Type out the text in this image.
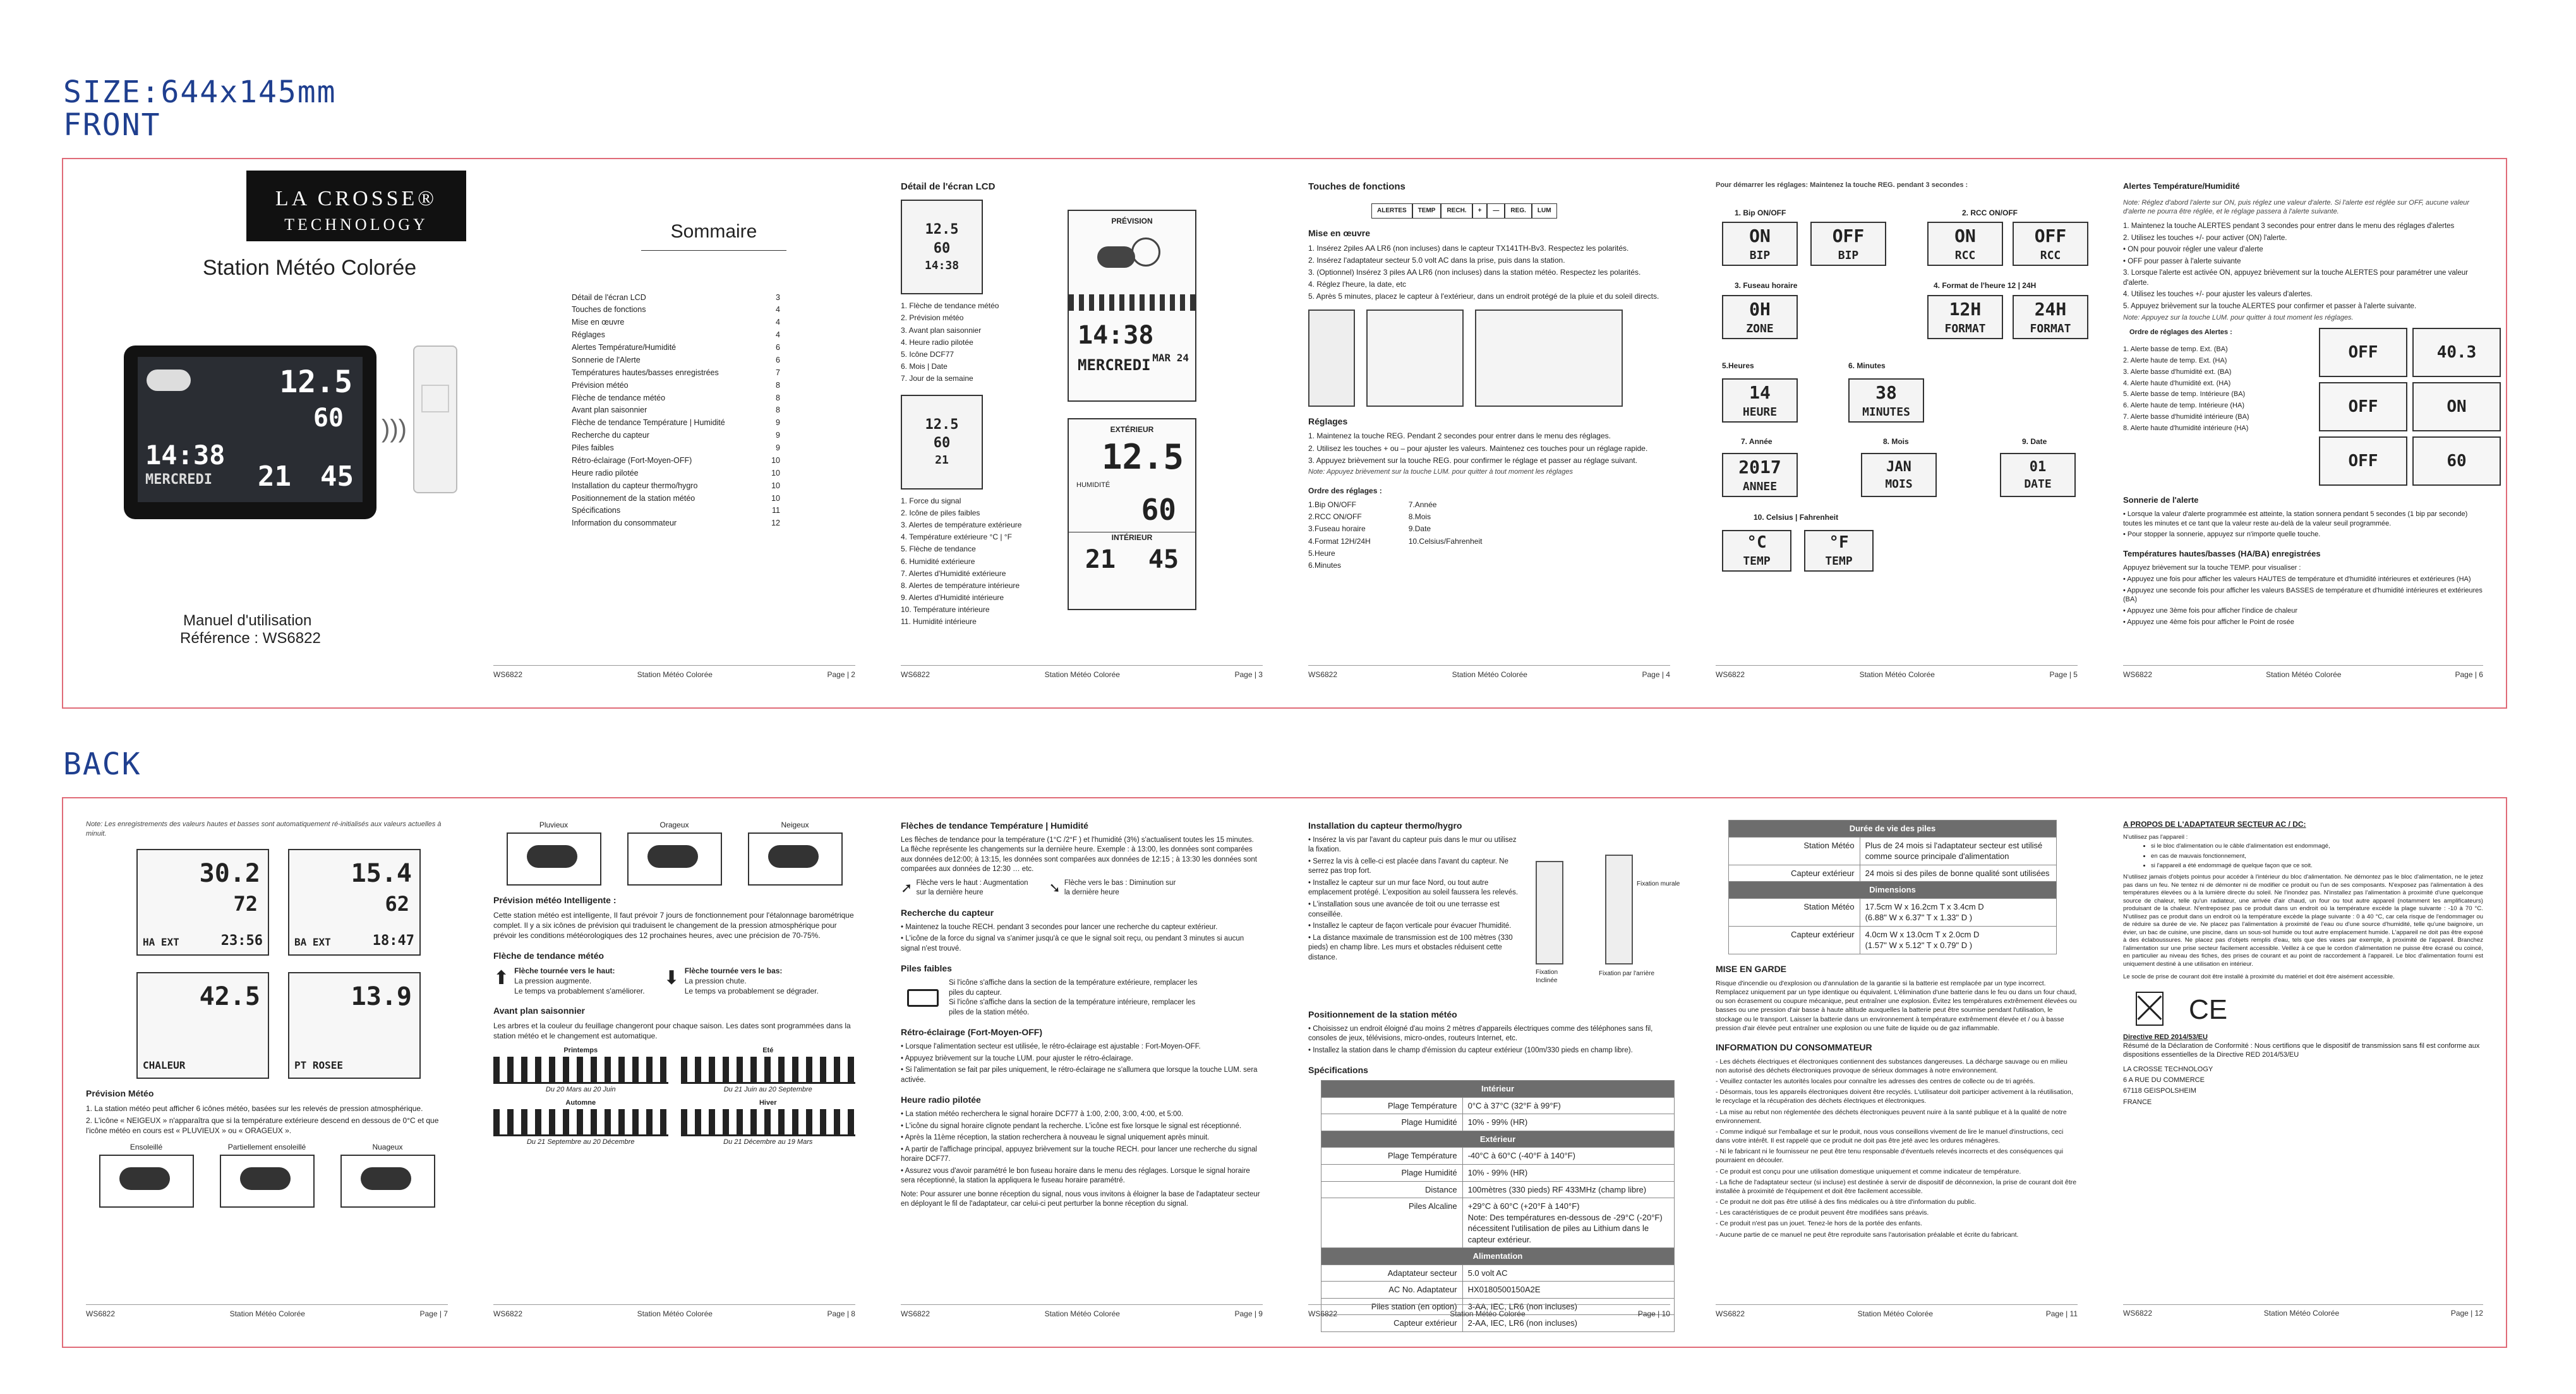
SIZE:644x145mm
FRONT
BACK
LA CROSSE®
TECHNOLOGY
Station Météo Colorée
12.5
60
14:38
MERCREDI 21 45
)))
Manuel d'utilisation
Référence : WS6822
Sommaire
Détail de l'écran LCD	3
Touches de fonctions	4
Mise en œuvre	4
Réglages	4
Alertes Température/Humidité	6
Sonnerie de l'Alerte	6
Températures hautes/basses enregistrées	7
Prévision météo	8
Flèche de tendance météo	8
Avant plan saisonnier	8
Flèche de tendance Température | Humidité	9
Recherche du capteur	9
Piles faibles	9
Rétro-éclairage (Fort-Moyen-OFF)	10
Heure radio pilotée	10
Installation du capteur thermo/hygro	10
Positionnement de la station météo	10
Spécifications	11
Information du consommateur	12
WS6822	Station Météo Colorée	Page | 2
Détail de l'écran LCD
12.5
60
14:38
1. Flèche de tendance météo
2. Prévision météo
3. Avant plan saisonnier
4. Heure radio pilotée
5. Icône DCF77
6. Mois | Date
7. Jour de la semaine
12.5
60
21
1. Force du signal
2. Icône de piles faibles
3. Alertes de température extérieure
4. Température extérieure °C | °F
5. Flèche de tendance
6. Humidité extérieure
7. Alertes d'Humidité extérieure
8. Alertes de température intérieure
9. Alertes d'Humidité intérieure
10. Température intérieure
11. Humidité intérieure
PRÉVISION
14:38
MAR 24
MERCREDI
EXTÉRIEUR
12.5
HUMIDITÉ
60
INTÉRIEUR
21 45
WS6822	Station Météo Colorée	Page | 3
Touches de fonctions
ALERTES	TEMP	RECH.	+	—	REG.	LUM
Mise en œuvre
1. Insérez 2piles AA LR6 (non incluses) dans le capteur TX141TH-Bv3. Respectez les polarités.
2. Insérez l'adaptateur secteur 5.0 volt AC dans la prise, puis dans la station.
3. (Optionnel) Insérez 3 piles AA LR6 (non incluses) dans la station météo. Respectez les polarités.
4. Réglez l'heure, la date, etc
5. Après 5 minutes, placez le capteur à l'extérieur, dans un endroit protégé de la pluie et du soleil directs.
Réglages
1. Maintenez la touche REG. Pendant 2 secondes pour entrer dans le menu des réglages.
2. Utilisez les touches + ou – pour ajuster les valeurs. Maintenez ces touches pour un réglage rapide.
3. Appuyez brièvement sur la touche REG. pour confirmer le réglage et passer au réglage suivant.
Note: Appuyez brièvement sur la touche LUM. pour quitter à tout moment les réglages
Ordre des réglages :
1.Bip ON/OFF
2.RCC ON/OFF
3.Fuseau horaire
4.Format 12H/24H
5.Heure
6.Minutes
7.Année
8.Mois
9.Date
10.Celsius/Fahrenheit
WS6822	Station Météo Colorée	Page | 4
Pour démarrer les réglages: Maintenez la touche REG. pendant 3 secondes :
1. Bip ON/OFF	2. RCC ON/OFF
ON
BIP
OFF
BIP
ON
RCC
OFF
RCC
3. Fuseau horaire	4. Format de l'heure 12 | 24H
0H
ZONE
12H
FORMAT
24H
FORMAT
5.Heures	6. Minutes
14
HEURE
38
MINUTES
7. Année	8. Mois	9. Date
2017
ANNEE
JAN
MOIS
01
DATE
10. Celsius | Fahrenheit
°C
TEMP
°F
TEMP
WS6822	Station Météo Colorée	Page | 5
Alertes Température/Humidité
Note: Réglez d'abord l'alerte sur ON, puis réglez une valeur d'alerte. Si l'alerte est réglée sur OFF, aucune valeur d'alerte ne pourra être réglée, et le réglage passera à l'alerte suivante.
1. Maintenez la touche ALERTES pendant 3 secondes pour entrer dans le menu des réglages d'alertes
2. Utilisez les touches +/- pour activer (ON) l'alerte.
• ON pour pouvoir régler une valeur d'alerte
• OFF pour passer à l'alerte suivante
3. Lorsque l'alerte est activée ON, appuyez brièvement sur la touche ALERTES pour paramétrer une valeur d'alerte.
4. Utilisez les touches +/- pour ajuster les valeurs d'alertes.
5. Appuyez brièvement sur la touche ALERTES pour confirmer et passer à l'alerte suivante.
Note: Appuyez sur la touche LUM. pour quitter à tout moment les réglages.
Ordre de réglages des Alertes :
1. Alerte basse de temp. Ext. (BA)
2. Alerte haute de temp. Ext. (HA)
3. Alerte basse d'humidité ext. (BA)
4. Alerte haute d'humidité ext. (HA)
5. Alerte basse de temp. Intérieure (BA)
6. Alerte haute de temp. Intérieure (HA)
7. Alerte basse d'humidité intérieure (BA)
8. Alerte haute d'humidité intérieure (HA)
OFF	40.3
OFF	ON
OFF	60
Sonnerie de l'alerte
• Lorsque la valeur d'alerte programmée est atteinte, la station sonnera pendant 5 secondes (1 bip par seconde) toutes les minutes et ce tant que la valeur reste au-delà de la valeur seuil programmée.
• Pour stopper la sonnerie, appuyez sur n'importe quelle touche.
Températures hautes/basses (HA/BA) enregistrées
Appuyez brièvement sur la touche TEMP. pour visualiser :
• Appuyez une fois pour afficher les valeurs HAUTES de température et d'humidité intérieures et extérieures (HA)
• Appuyez une seconde fois pour afficher les valeurs BASSES de température et d'humidité intérieures et extérieures (BA)
• Appuyez une 3ème fois pour afficher l'indice de chaleur
• Appuyez une 4ème fois pour afficher le Point de rosée
WS6822	Station Météo Colorée	Page | 6
Note: Les enregistrements des valeurs hautes et basses sont automatiquement ré-initialisés aux valeurs actuelles à minuit.
30.2
72
HA EXT	23:56
15.4
62
BA EXT	18:47
42.5
CHALEUR
13.9
PT ROSEE
Prévision Météo
1. La station météo peut afficher 6 icônes météo, basées sur les relevés de pression atmosphérique.
2. L'icône « NEIGEUX » n'apparaîtra que si la température extérieure descend en dessous de 0°C et que l'icône météo en cours est « PLUVIEUX » ou « ORAGEUX ».
Ensoleillé	Partiellement ensoleillé	Nuageux
WS6822	Station Météo Colorée	Page | 7
Pluvieux	Orageux	Neigeux
Prévision météo Intelligente :
Cette station météo est intelligente, Il faut prévoir 7 jours de fonctionnement pour l'étalonnage barométrique complet. Il y a six icônes de prévision qui traduisent le changement de la pression atmosphérique pour prévoir les conditions météorologiques des 12 prochaines heures, avec une précision de 70-75%.
Flèche de tendance météo
⬆ Flèche tournée vers le haut:
La pression augmente.
Le temps va probablement s'améliorer.
⬇ Flèche tournée vers le bas:
La pression chute.
Le temps va probablement se dégrader.
Avant plan saisonnier
Les arbres et la couleur du feuillage changeront pour chaque saison. Les dates sont programmées dans la station météo et le changement est automatique.
Printemps
Du 20 Mars au 20 Juin
Eté
Du 21 Juin au 20 Septembre
Automne
Du 21 Septembre au 20 Décembre
Hiver
Du 21 Décembre au 19 Mars
WS6822	Station Météo Colorée	Page | 8
Flèches de tendance Température | Humidité
Les flèches de tendance pour la température (1°C /2°F ) et l'humidité (3%) s'actualisent toutes les 15 minutes. La flèche représente les changements sur la dernière heure. Exemple : à 13:00, les données sont comparées aux données de12:00; à 13:15, les données sont comparées aux données de 12:15 ; à 13:30 les données sont comparées aux données de 12:30 … etc.
➚ Flèche vers le haut : Augmentation sur la dernière heure	➘ Flèche vers le bas : Diminution sur la dernière heure
Recherche du capteur
• Maintenez la touche RECH. pendant 3 secondes pour lancer une recherche du capteur extérieur.
• L'icône de la force du signal va s'animer jusqu'à ce que le signal soit reçu, ou pendant 3 minutes si aucun signal n'est trouvé.
Piles faibles
Si l'icône s'affiche dans la section de la température extérieure, remplacer les piles du capteur.
Si l'icône s'affiche dans la section de la température intérieure, remplacer les piles de la station météo.
Rétro-éclairage (Fort-Moyen-OFF)
• Lorsque l'alimentation secteur est utilisée, le rétro-éclairage est ajustable : Fort-Moyen-OFF.
• Appuyez brièvement sur la touche LUM. pour ajuster le rétro-éclairage.
• Si l'alimentation se fait par piles uniquement, le rétro-éclairage ne s'allumera que lorsque la touche LUM. sera activée.
Heure radio pilotée
• La station météo recherchera le signal horaire DCF77 à 1:00, 2:00, 3:00, 4:00, et 5:00.
• L'icône du signal horaire clignote pendant la recherche. L'icône est fixe lorsque le signal est réceptionné.
• Après la 11ème réception, la station recherchera à nouveau le signal uniquement après minuit.
• A partir de l'affichage principal, appuyez brièvement sur la touche RECH. pour lancer une recherche du signal horaire DCF77.
• Assurez vous d'avoir paramétré le bon fuseau horaire dans le menu des réglages. Lorsque le signal horaire sera réceptionné, la station la appliquera le fuseau horaire paramétré.
Note: Pour assurer une bonne réception du signal, nous vous invitons à éloigner la base de l'adaptateur secteur en déployant le fil de l'adaptateur, car celui-ci peut perturber la bonne réception du signal.
WS6822	Station Météo Colorée	Page | 9
Installation du capteur thermo/hygro
• Insérez la vis par l'avant du capteur puis dans le mur ou utilisez la fixation.
• Serrez la vis à celle-ci est placée dans l'avant du capteur. Ne serrez pas trop fort.
• Installez le capteur sur un mur face Nord, ou tout autre emplacement protégé. L'exposition au soleil faussera les relevés.
• L'installation sous une avancée de toit ou une terrasse est conseillée.
• Installez le capteur de façon verticale pour évacuer l'humidité.
• La distance maximale de transmission est de 100 mètres (330 pieds) en champ libre. Les murs et obstacles réduisent cette distance.
Fixation murale
Fixation Inclinée
Fixation par l'arrière
Positionnement de la station météo
• Choisissez un endroit éloigné d'au moins 2 mètres d'appareils électriques comme des téléphones sans fil, consoles de jeux, télévisions, micro-ondes, routeurs Internet, etc.
• Installez la station dans le champ d'émission du capteur extérieur (100m/330 pieds en champ libre).
Spécifications
Intérieur	
Plage Température	0°C à 37°C (32°F à 99°F)
Plage Humidité	10% - 99% (HR)
Extérieur	
Plage Température	-40°C à 60°C (-40°F à 140°F)
Plage Humidité	10% - 99% (HR)
Distance	100mètres (330 pieds) RF 433MHz (champ libre)
Piles Alcaline	+29°C à 60°C (+20°F à 140°F)
Note: Des températures en-dessous de -29°C (-20°F) nécessitent l'utilisation de piles au Lithium dans le capteur extérieur.
Alimentation	
Adaptateur secteur	5.0 volt AC
AC No. Adaptateur	HX0180500150A2E
Piles station (en option)	3-AA, IEC, LR6 (non incluses)
Capteur extérieur	2-AA, IEC, LR6 (non incluses)
WS6822	Station Météo Colorée	Page | 10
Durée de vie des piles	
Station Météo	Plus de 24 mois si l'adaptateur secteur est utilisé comme source principale d'alimentation
Capteur extérieur	24 mois si des piles de bonne qualité sont utilisées
Dimensions	
Station Météo	17.5cm W x 16.2cm T x 3.4cm D
(6.88" W x 6.37" T x 1.33" D )
Capteur extérieur	4.0cm W x 13.0cm T x 2.0cm D
(1.57" W x 5.12" T x 0.79" D )
MISE EN GARDE
Risque d'incendie ou d'explosion ou d'annulation de la garantie si la batterie est remplacée par un type incorrect. Remplacez uniquement par un type identique ou équivalent. L'élimination d'une batterie dans le feu ou dans un four chaud, ou son écrasement ou coupure mécanique, peut entraîner une explosion. Évitez les températures extrêmement élevées ou basses ou une pression d'air basse à haute altitude auxquelles la batterie peut être soumise pendant l'utilisation, le stockage ou le transport. Laisser la batterie dans un environnement à température extrêmement élevée et / ou à basse pression d'air élevée peut entraîner une explosion ou une fuite de liquide ou de gaz inflammable.
INFORMATION DU CONSOMMATEUR
- Les déchets électriques et électroniques contiennent des substances dangereuses. La décharge sauvage ou en milieu non autorisé des déchets électroniques provoque de sérieux dommages à notre environnement.
- Veuillez contacter les autorités locales pour connaître les adresses des centres de collecte ou de tri agréés.
- Désormais, tous les appareils électroniques doivent être recyclés. L'utilisateur doit participer activement à la réutilisation, le recyclage et la récupération des déchets électriques et électroniques.
- La mise au rebut non réglementée des déchets électroniques peuvent nuire à la santé publique et à la qualité de notre environnement.
- Comme indiqué sur l'emballage et sur le produit, nous vous conseillons vivement de lire le manuel d'instructions, ceci dans votre intérêt. Il est rappelé que ce produit ne doit pas être jeté avec les ordures ménagères.
- Ni le fabricant ni le fournisseur ne peut être tenu responsable d'éventuels relevés incorrects et des conséquences qui pourraient en découler.
- Ce produit est conçu pour une utilisation domestique uniquement et comme indicateur de température.
- La fiche de l'adaptateur secteur (si incluse) est destinée à servir de dispositif de déconnexion, la prise de courant doit être installée à proximité de l'équipement et doit être facilement accessible.
- Ce produit ne doit pas être utilisé à des fins médicales ou à titre d'information du public.
- Les caractéristiques de ce produit peuvent être modifiées sans préavis.
- Ce produit n'est pas un jouet. Tenez-le hors de la portée des enfants.
- Aucune partie de ce manuel ne peut être reproduite sans l'autorisation préalable et écrite du fabricant.
WS6822	Station Météo Colorée	Page | 11
A PROPOS DE L'ADAPTATEUR SECTEUR AC / DC:
N'utilisez pas l'appareil :
• si le bloc d'alimentation ou le câble d'alimentation est endommagé,
• en cas de mauvais fonctionnement,
• si l'appareil a été endommagé de quelque façon que ce soit.
N'utilisez jamais d'objets pointus pour accéder à l'intérieur du bloc d'alimentation. Ne démontez pas le bloc d'alimentation, ne le jetez pas dans un feu. Ne tentez ni de démonter ni de modifier ce produit ou l'un de ses composants. N'exposez pas l'alimentation à des températures élevées ou à la lumière directe du soleil. Ne l'inondez pas. N'installez pas l'alimentation à proximité d'une quelconque source de chaleur, telle qu'un radiateur, une arrivée d'air chaud, un four ou tout autre appareil (notamment les amplificateurs) produisant de la chaleur. N'entreposez pas ce produit dans un endroit où la température excède la plage suivante : -10 à 70 °C. N'utilisez pas ce produit dans un endroit où la température excède la plage suivante : 0 à 40 °C, car cela risque de l'endommager ou de réduire sa durée de vie. Ne placez pas l'alimentation à proximité de l'eau ou d'une source d'humidité, telle qu'une baignoire, un évier, un bac de cuisine, une piscine, dans un sous-sol humide ou tout autre emplacement humide. L'appareil ne doit pas être exposé à des éclaboussures. Ne placez pas d'objets remplis d'eau, tels que des vases par exemple, à proximité de l'appareil. Branchez l'alimentation sur une prise secteur facilement accessible. Veillez à ce que le cordon d'alimentation ne puisse être écrasé ou coincé, en particulier au niveau des fiches, des prises de courant et au point de raccordement à l'appareil. Le bloc d'alimentation fourni est uniquement destiné à une utilisation en intérieur.
Le socle de prise de courant doit être installé à proximité du matériel et doit être aisément accessible.
CE
Directive RED 2014/53/EU
Résumé de la Déclaration de Conformité : Nous certifions que le dispositif de transmission sans fil est conforme aux dispositions essentielles de la Directive RED 2014/53/EU
LA CROSSE TECHNOLOGY
6 A RUE DU COMMERCE
67118 GEISPOLSHEIM
FRANCE
WS6822	Station Météo Colorée	Page | 12
